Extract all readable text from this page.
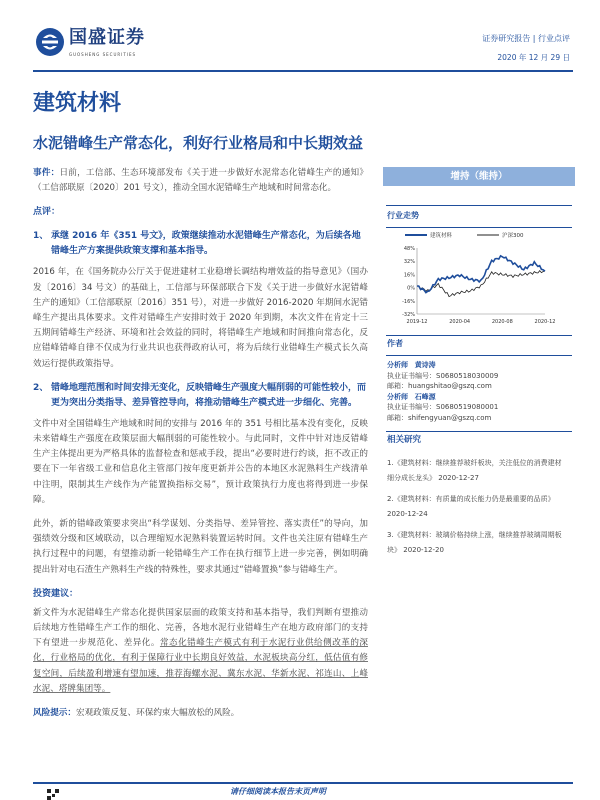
国盛证券
GUOSHENG SECURITIES
证券研究报告 | 行业点评
2020 年 12 月 29 日
建筑材料
水泥错峰生产常态化，利好行业格局和中长期效益
事件：日前，工信部、生态环境部发布《关于进一步做好水泥常态化错峰生产的通知》（工信部联原〔2020〕201 号文），推动全国水泥错峰生产地域和时间常态化。
点评：
1、 承继 2016 年《351 号文》，政策继续推动水泥错峰生产常态化，为后续各地错峰生产方案提供政策支撑和基本指导。
2016 年，在《国务院办公厅关于促进建材工业稳增长调结构增效益的指导意见》（国办发〔2016〕34 号文）的基础上，工信部与环保部联合下发《关于进一步做好水泥错峰生产的通知》（工信部联原〔2016〕351 号），对进一步做好 2016-2020 年期间水泥错峰生产提出具体要求。文件对错峰生产安排时效于 2020 年到期，本次文件在肯定十三五期间错峰生产经济、环境和社会效益的同时，将错峰生产地域和时间推向常态化，反应错峰错峰自律不仅成为行业共识也获得政府认可，将为后续行业错峰生产模式长久高效运行提供政策指导。
2、 错峰地理范围和时间安排无变化，反映错峰生产强度大幅削弱的可能性较小，而更为突出分类指导、差异管控导向，将推动错峰生产模式进一步细化、完善。
文件中对全国错峰生产地域和时间的安排与 2016 年的 351 号相比基本没有变化，反映未来错峰生产强度在政策层面大幅削弱的可能性较小。与此同时，文件中针对违反错峰生产主体提出更为严格具体的监督检查和惩戒手段，提出“必要时进行约谈，拒不改正的要在下一年省级工业和信息化主管部门按年度更新并公告的本地区水泥熟料生产线清单中注明，限制其生产线作为产能置换指标交易”，预计政策执行力度也将得到进一步保障。
此外，新的错峰政策要求突出“科学谋划、分类指导、差异管控、落实责任”的导向，加强绩效分级和区域联动，以合理缩短水泥熟料装置运转时间。文件也关注原有错峰生产执行过程中的问题，有望推动新一轮错峰生产工作在执行细节上进一步完善，例如明确提出针对电石渣生产熟料生产线的特殊性，要求其通过“错峰置换”参与错峰生产。
投资建议：
新文件为水泥错峰生产常态化提供国家层面的政策支持和基本指导，我们判断有望推动后续地方性错峰生产工作的细化、完善，各地水泥行业错峰生产在地方政府部门的支持下有望进一步规范化、差异化。常态化错峰生产模式有利于水泥行业供给侧改革的深化，行业格局的优化，有利于保障行业中长期良好效益，水泥板块高分红，低估值有修复空间，后续盈利增速有望加速，推荐海螺水泥、冀东水泥、华新水泥、祁连山、上峰水泥、塔牌集团等。
风险提示：宏观政策反复、环保约束大幅放松的风险。
增持（维持）
行业走势
48%
32%
16%
0%
-16%
-32%
2019-12	2020-04	2020-08	2020-12
建筑材料	沪深300
作者
分析师 黄诗涛
执业证书编号：S0680518030009
邮箱：huangshitao@gszq.com
分析师 石峰源
执业证书编号：S0680519080001
邮箱：shifengyuan@gszq.com
相关研究
1.《建筑材料：继续推荐玻纤板块，关注低位的消费建材细分成长龙头》 2020-12-27
2.《建筑材料：有质量的成长能力仍是最重要的品质》 2020-12-24
3.《建筑材料：玻璃价格持续上涨，继续推荐玻璃周期板块》 2020-12-20
请仔细阅读本报告末页声明
